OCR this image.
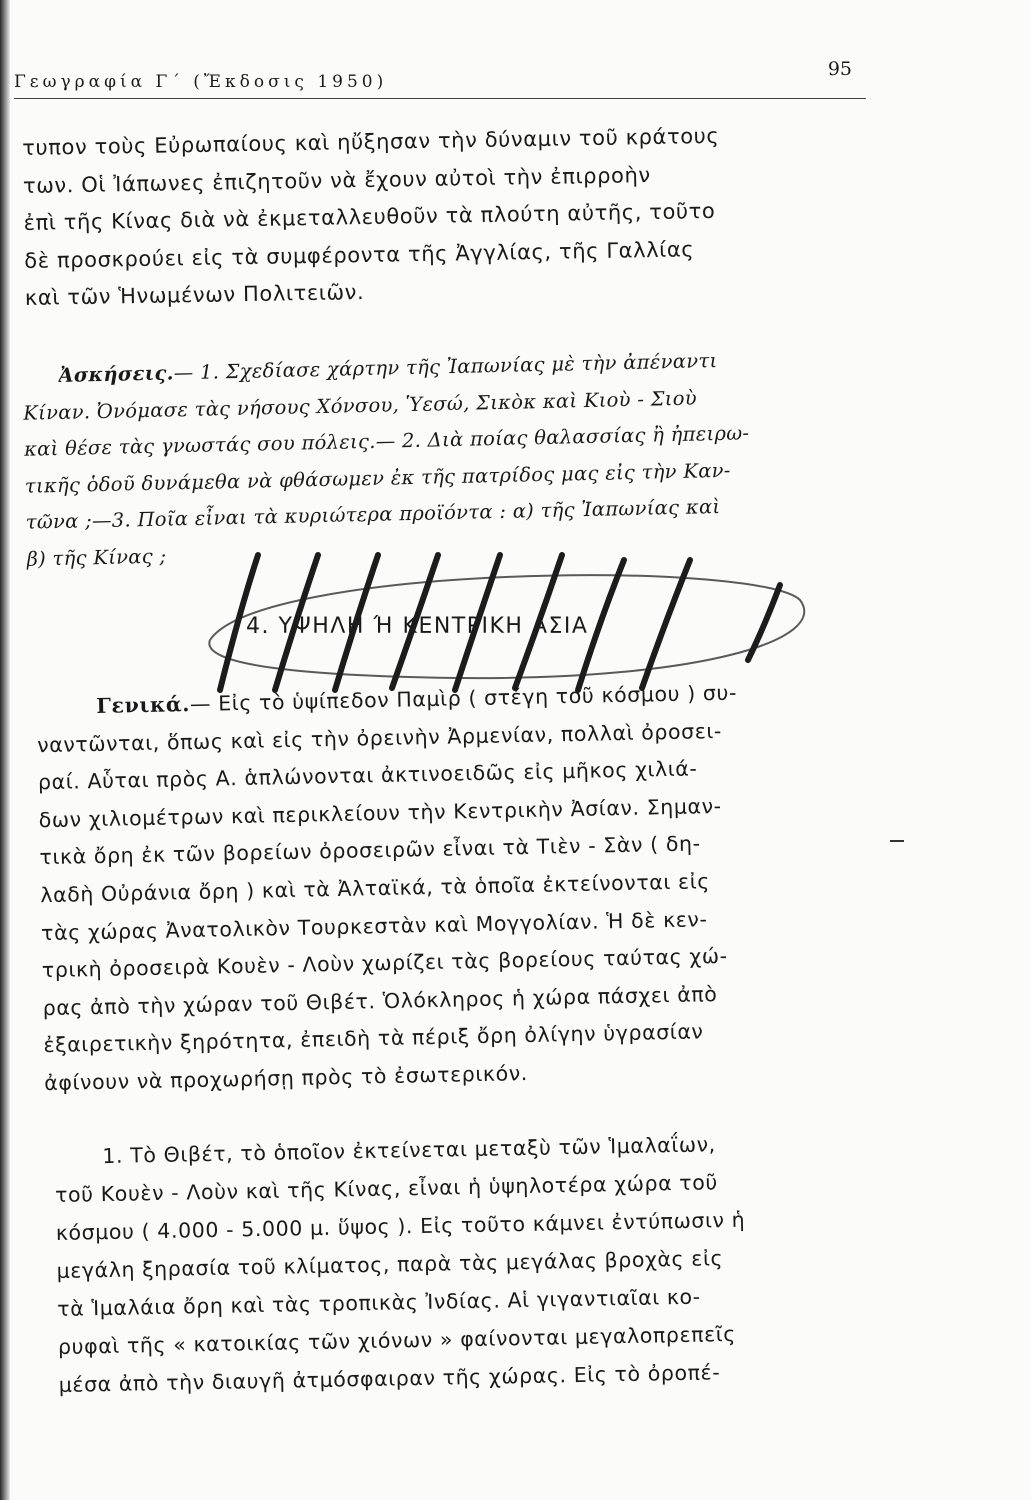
Γεωγραφία Γ΄ (Ἔκδοσις 1950)
95
τυπον τοὺς Εὐρωπαίους καὶ ηὔξησαν τὴν δύναμιν τοῦ κράτους
των. Οἱ Ἰάπωνες ἐπιζητοῦν νὰ ἔχουν αὐτοὶ τὴν ἐπιρροὴν
ἐπὶ τῆς Κίνας διὰ νὰ ἐκμεταλλευθοῦν τὰ πλούτη αὐτῆς, τοῦτο
δὲ προσκρούει εἰς τὰ συμφέροντα τῆς Ἀγγλίας, τῆς Γαλλίας
καὶ τῶν Ἡνωμένων Πολιτειῶν.
Ἀσκήσεις.— 1. Σχεδίασε χάρτην τῆς Ἰαπωνίας μὲ τὴν ἀπέναντι
Κίναν. Ὀνόμασε τὰς νήσους Χόνσου, Ὑεσώ, Σικὸκ καὶ Κιοὺ - Σιοὺ
καὶ θέσε τὰς γνωστάς σου πόλεις.— 2. Διὰ ποίας θαλασσίας ἢ ἠπειρω-
τικῆς ὁδοῦ δυνάμεθα νὰ φθάσωμεν ἐκ τῆς πατρίδος μας εἰς τὴν Καν-
τῶνα ;—3. Ποῖα εἶναι τὰ κυριώτερα προϊόντα : α) τῆς Ἰαπωνίας καὶ
β) τῆς Κίνας ;
4. ΥΨΗΛΗ Ή ΚΕΝΤΡΙΚΗ ΑΣΙΑ
Γενικά.— Εἰς τὸ ὑψίπεδον Παμὶρ ( στέγη τοῦ κόσμου ) συ-
ναντῶνται, ὅπως καὶ εἰς τὴν ὀρεινὴν Ἀρμενίαν, πολλαὶ ὀροσει-
ραί. Αὗται πρὸς Α. ἁπλώνονται ἀκτινοειδῶς εἰς μῆκος χιλιά-
δων χιλιομέτρων καὶ περικλείουν τὴν Κεντρικὴν Ἀσίαν. Σημαν-
τικὰ ὄρη ἐκ τῶν βορείων ὀροσειρῶν εἶναι τὰ Τιὲν - Σὰν ( δη-
λαδὴ Οὐράνια ὄρη ) καὶ τὰ Ἀλταϊκά, τὰ ὁποῖα ἐκτείνονται εἰς
τὰς χώρας Ἀνατολικὸν Τουρκεστὰν καὶ Μογγολίαν. Ἡ δὲ κεν-
τρικὴ ὀροσειρὰ Κουὲν - Λοὺν χωρίζει τὰς βορείους ταύτας χώ-
ρας ἀπὸ τὴν χώραν τοῦ Θιβέτ. Ὁλόκληρος ἡ χώρα πάσχει ἀπὸ
ἐξαιρετικὴν ξηρότητα, ἐπειδὴ τὰ πέριξ ὄρη ὀλίγην ὑγρασίαν
ἀφίνουν νὰ προχωρήσῃ πρὸς τὸ ἐσωτερικόν.
1. Τὸ Θιβέτ, τὸ ὁποῖον ἐκτείνεται μεταξὺ τῶν Ἱμαλαΐων,
τοῦ Κουὲν - Λοὺν καὶ τῆς Κίνας, εἶναι ἡ ὑψηλοτέρα χώρα τοῦ
κόσμου ( 4.000 - 5.000 μ. ὕψος ). Εἰς τοῦτο κάμνει ἐντύπωσιν ἡ
μεγάλη ξηρασία τοῦ κλίματος, παρὰ τὰς μεγάλας βροχὰς εἰς
τὰ Ἱμαλάια ὄρη καὶ τὰς τροπικὰς Ἰνδίας. Αἱ γιγαντιαῖαι κο-
ρυφαὶ τῆς « κατοικίας τῶν χιόνων » φαίνονται μεγαλοπρεπεῖς
μέσα ἀπὸ τὴν διαυγῆ ἀτμόσφαιραν τῆς χώρας. Εἰς τὸ ὀροπέ-
